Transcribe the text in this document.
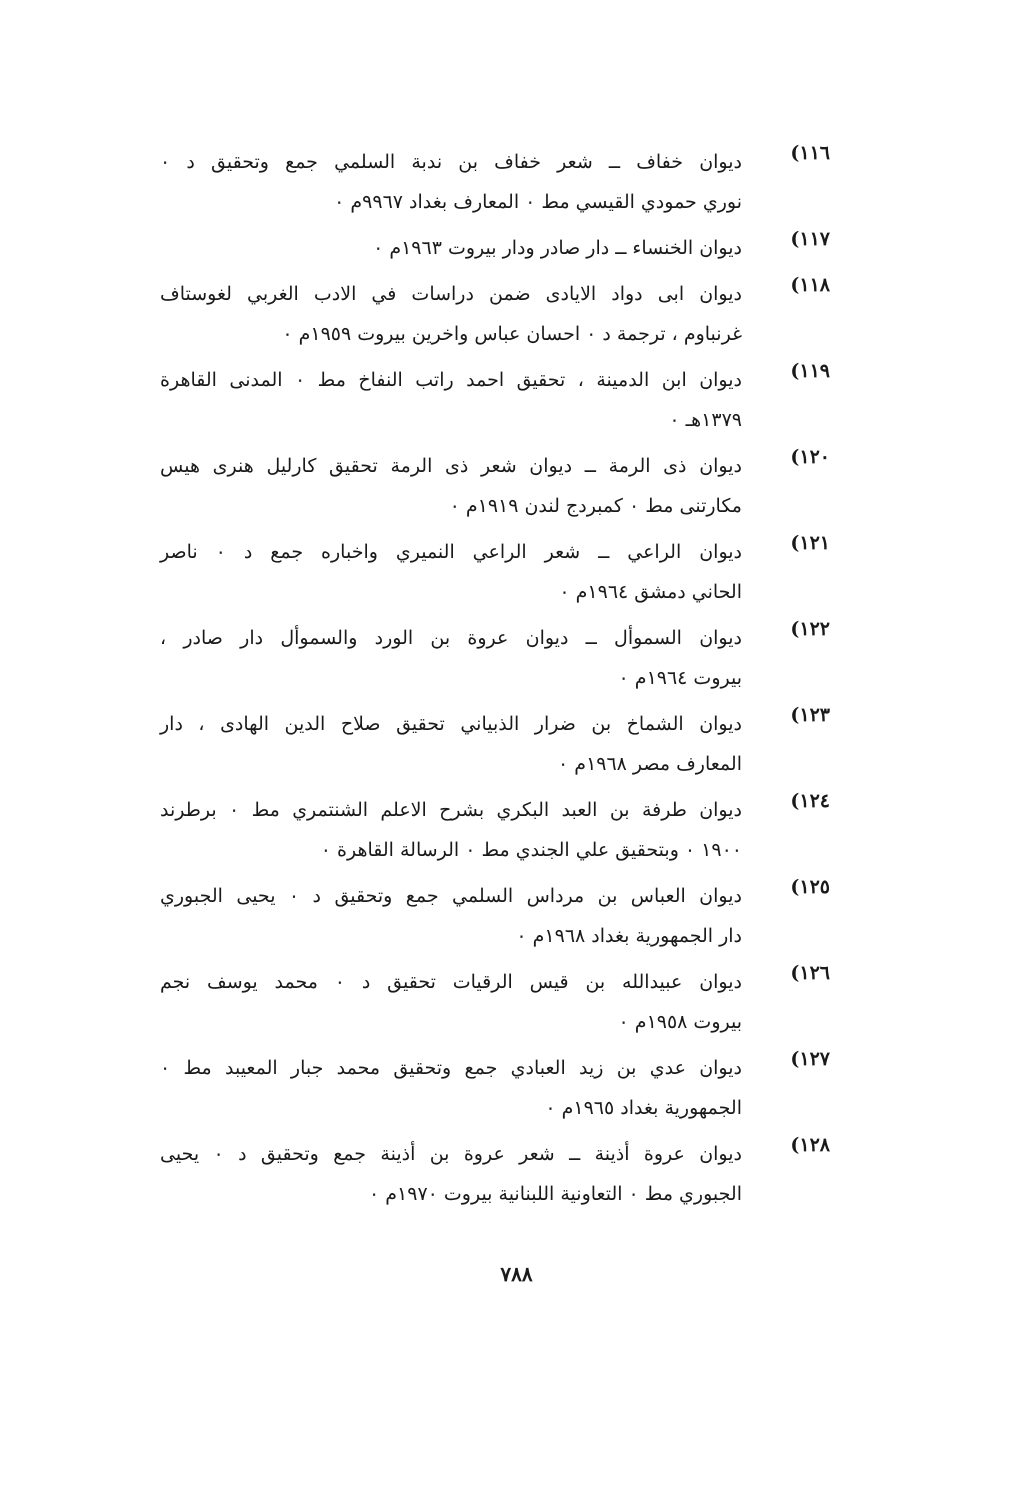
١١٦)
ديوان خفاف ــ شعر خفاف بن ندبة السلمي جمع وتحقيق د ٠
نوري حمودي القيسي مط ٠ المعارف بغداد ٩٩٦٧م ٠
١١٧)
ديوان الخنساء ــ دار صادر ودار بيروت ١٩٦٣م ٠
١١٨)
ديوان ابى دواد الايادى ضمن دراسات في الادب الغربي لغوستاف
غرنباوم ، ترجمة د ٠ احسان عباس واخرين بيروت ١٩٥٩م ٠
١١٩)
ديوان ابن الدمينة ، تحقيق احمد راتب النفاخ مط ٠ المدنى القاهرة
١٣٧٩هـ ٠
١٢٠)
ديوان ذى الرمة ــ ديوان شعر ذى الرمة تحقيق كارليل هنرى هيس
مكارتنى مط ٠ كمبردج لندن ١٩١٩م ٠
١٢١)
ديوان الراعي ــ شعر الراعي النميري واخباره جمع د ٠ ناصر
الحاني دمشق ١٩٦٤م ٠
١٢٢)
ديوان السموأل ــ ديوان عروة بن الورد والسموأل دار صادر ،
بيروت ١٩٦٤م ٠
١٢٣)
ديوان الشماخ بن ضرار الذبياني تحقيق صلاح الدين الهادى ، دار
المعارف مصر ١٩٦٨م ٠
١٢٤)
ديوان طرفة بن العبد البكري بشرح الاعلم الشنتمري مط ٠ برطرند
١٩٠٠ ٠ وبتحقيق علي الجندي مط ٠ الرسالة القاهرة ٠
١٢٥)
ديوان العباس بن مرداس السلمي جمع وتحقيق د ٠ يحيى الجبوري
دار الجمهورية بغداد ١٩٦٨م ٠
١٢٦)
ديوان عبيدالله بن قيس الرقيات تحقيق د ٠ محمد يوسف نجم
بيروت ١٩٥٨م ٠
١٢٧)
ديوان عدي بن زيد العبادي جمع وتحقيق محمد جبار المعيبد مط ٠
الجمهورية بغداد ١٩٦٥م ٠
١٢٨)
ديوان عروة أذينة ــ شعر عروة بن أذينة جمع وتحقيق د ٠ يحيى
الجبوري مط ٠ التعاونية اللبنانية بيروت ١٩٧٠م ٠
٧٨٨
